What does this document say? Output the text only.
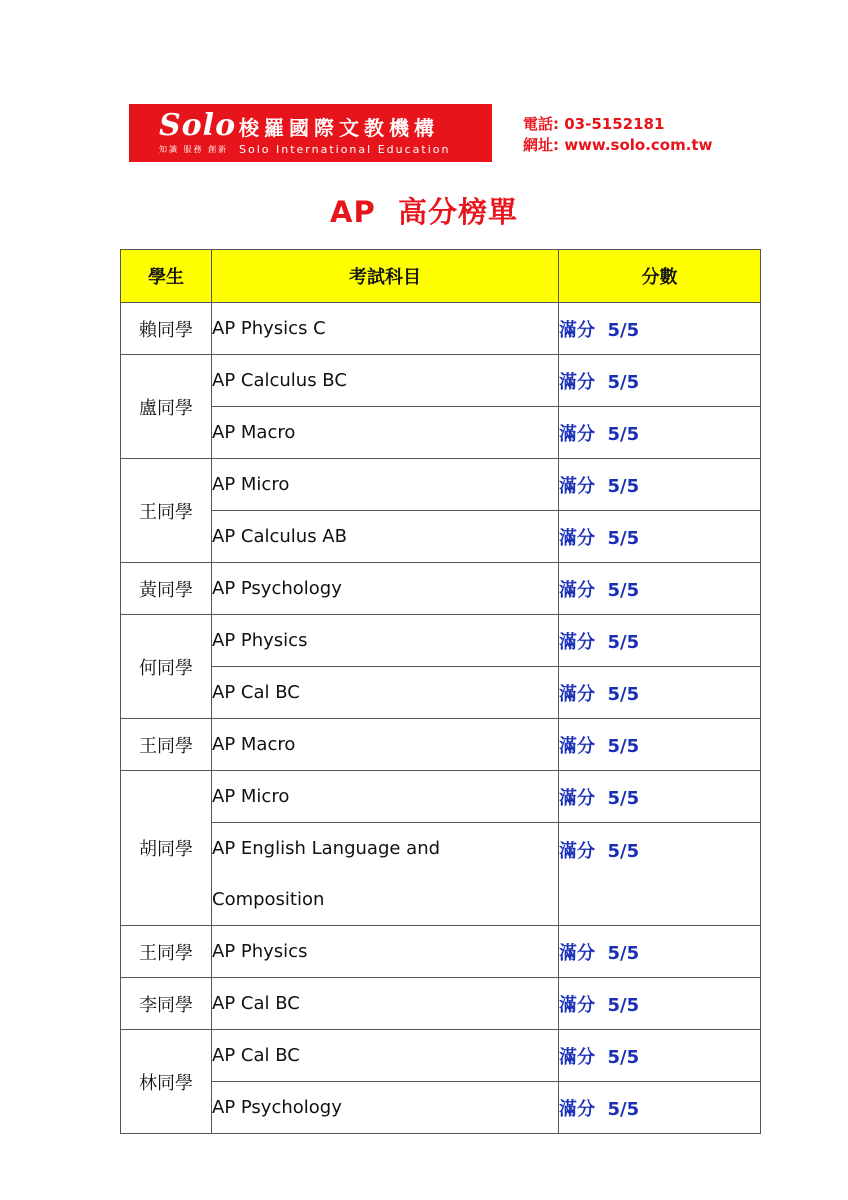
Solo
知識 服務 創新
梭羅國際文教機構
Solo International Education
電話: 03-5152181
網址: www.solo.com.tw
AP  高分榜單
學生	考試科目	分數
賴同學	AP Physics C	滿分  5/5
盧同學	AP Calculus BC	滿分  5/5
	AP Macro	滿分  5/5
王同學	AP Micro	滿分  5/5
	AP Calculus AB	滿分  5/5
黃同學	AP Psychology	滿分  5/5
何同學	AP Physics	滿分  5/5
	AP Cal BC	滿分  5/5
王同學	AP Macro	滿分  5/5
胡同學	AP Micro	滿分  5/5
	AP English Language and Composition	滿分  5/5
王同學	AP Physics	滿分  5/5
李同學	AP Cal BC	滿分  5/5
林同學	AP Cal BC	滿分  5/5
	AP Psychology	滿分  5/5
